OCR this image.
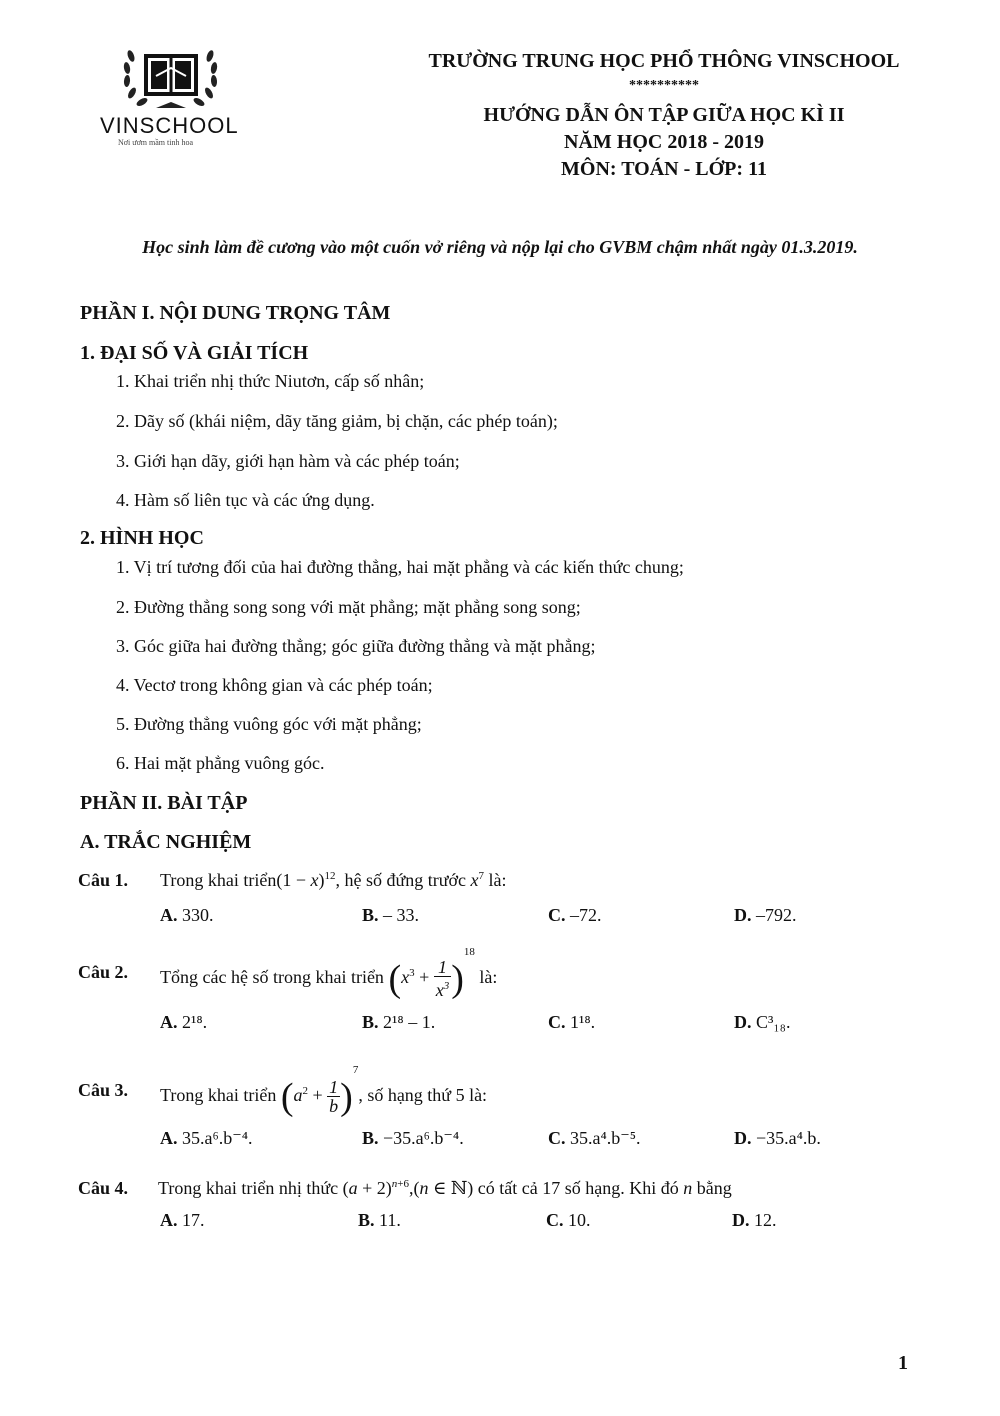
VINSCHOOL
Nơi ươm mầm tinh hoa
TRƯỜNG TRUNG HỌC PHỔ THÔNG VINSCHOOL
**********
HƯỚNG DẪN ÔN TẬP GIỮA HỌC KÌ II
NĂM HỌC 2018 - 2019
MÔN: TOÁN - LỚP: 11
Học sinh làm đề cương vào một cuốn vở riêng và nộp lại cho GVBM chậm nhất ngày 01.3.2019.
PHẦN I. NỘI DUNG TRỌNG TÂM
1. ĐẠI SỐ VÀ GIẢI TÍCH
1. Khai triển nhị thức Niutơn, cấp số nhân;
2. Dãy số (khái niệm, dãy tăng giảm, bị chặn, các phép toán);
3. Giới hạn dãy, giới hạn hàm và các phép toán;
4. Hàm số liên tục và các ứng dụng.
2. HÌNH HỌC
1. Vị trí tương đối của hai đường thẳng, hai mặt phẳng và các kiến thức chung;
2. Đường thẳng song song với mặt phẳng; mặt phẳng song song;
3. Góc giữa hai đường thẳng; góc giữa đường thẳng và mặt phẳng;
4. Vectơ trong không gian và các phép toán;
5. Đường thẳng vuông góc với mặt phẳng;
6. Hai mặt phẳng vuông góc.
PHẦN II. BÀI TẬP
A. TRẮC NGHIỆM
Câu 1. Trong khai triển(1 − x)$^{12}$, hệ số đứng trước $x^7$ là:
A. 330.	B. – 33.	C. –72.	D. –792.
Câu 2. Tổng các hệ số trong khai triển $(x^3 + \frac{1}{x^3} )^{18}$ là:
A. 2¹⁸.	B. 2¹⁸ – 1.	C. 1¹⁸.	D. C³₁₈.
Câu 3. Trong khai triển $(a^2 + \frac{1}{b} )^7$, số hạng thứ 5 là:
A. 35.a⁶.b⁻⁴.	B. −35.a⁶.b⁻⁴.	C. 35.a⁴.b⁻⁵.	D. −35.a⁴.b.
Câu 4. Trong khai triển nhị thức $(a + 2)^{n+6},(n$ ∈ ℕ) có tất cả 17 số hạng. Khi đó n bằng
A. 17.	B. 11.	C. 10.	D. 12.
1
